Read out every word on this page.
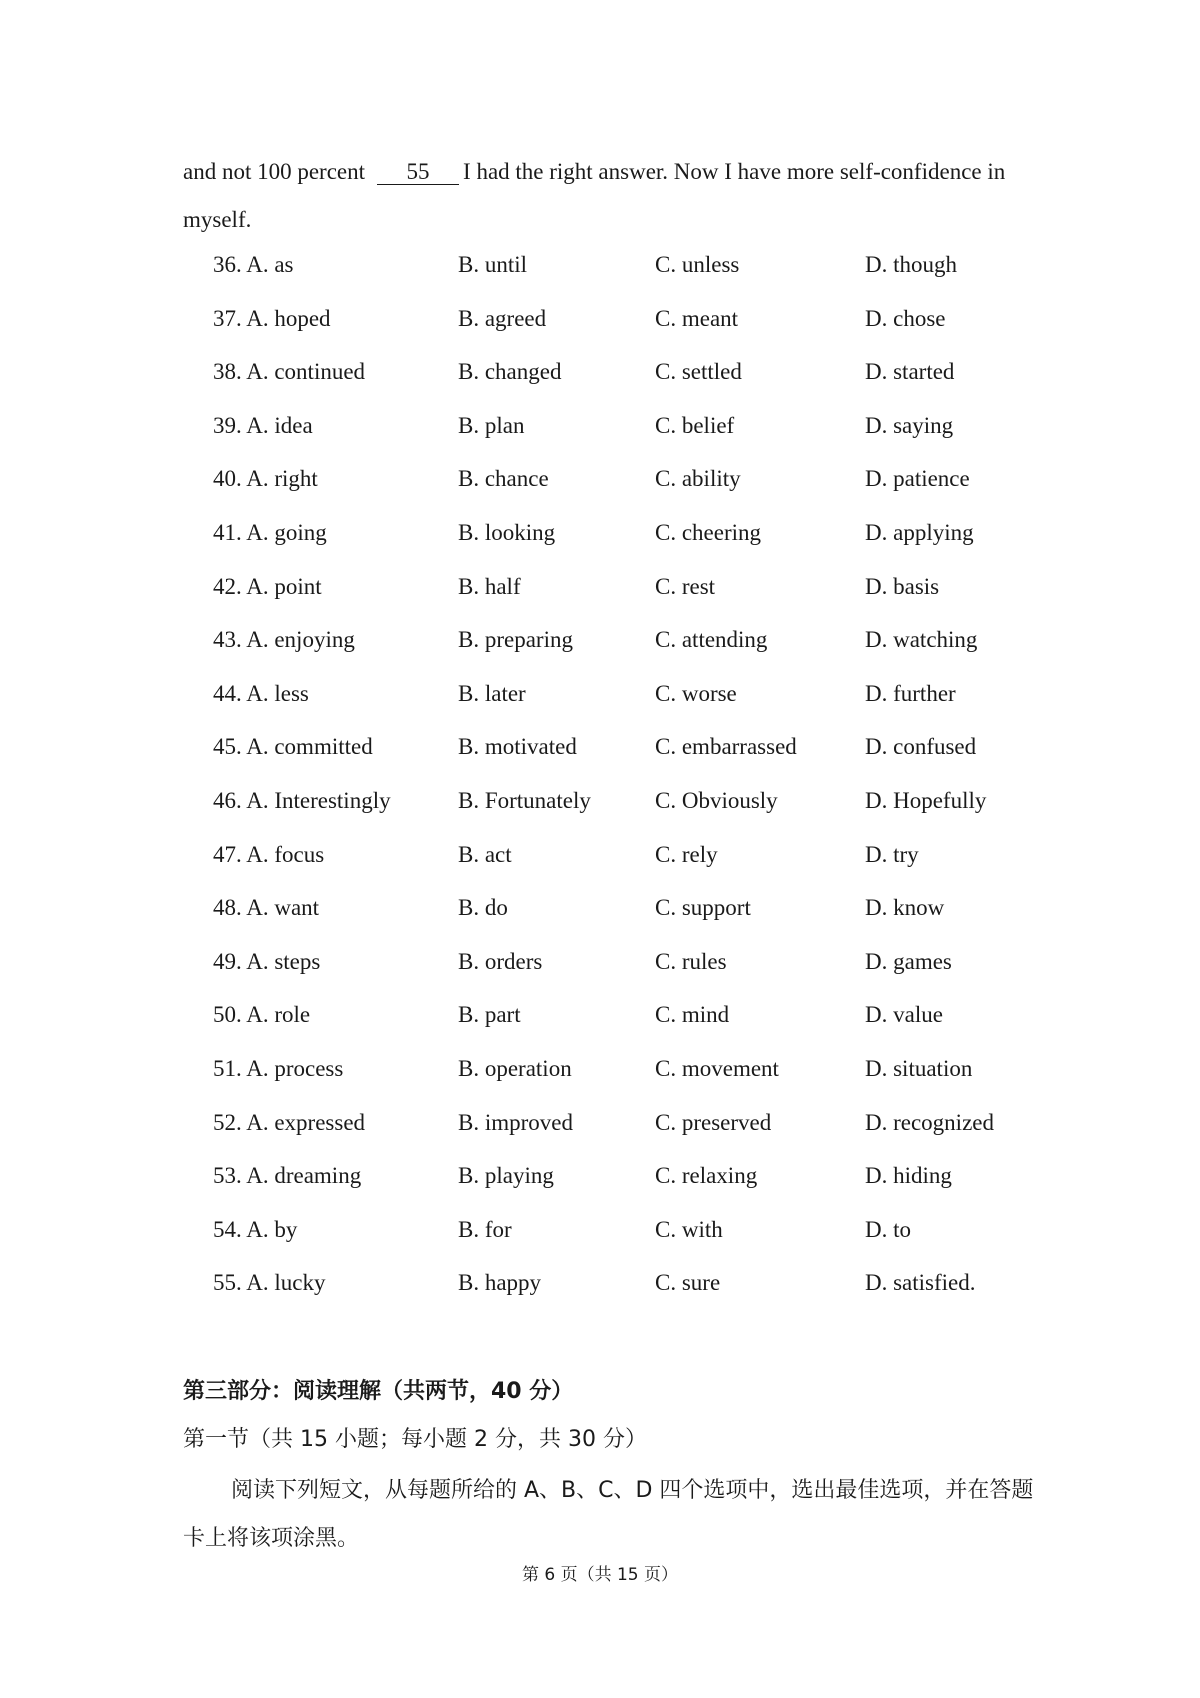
and not 100 percent 55 I had the right answer. Now I have more self-confidence in myself.
36. A. as	B. until	C. unless	D. though
37. A. hoped	B. agreed	C. meant	D. chose
38. A. continued	B. changed	C. settled	D. started
39. A. idea	B. plan	C. belief	D. saying
40. A. right	B. chance	C. ability	D. patience
41. A. going	B. looking	C. cheering	D. applying
42. A. point	B. half	C. rest	D. basis
43. A. enjoying	B. preparing	C. attending	D. watching
44. A. less	B. later	C. worse	D. further
45. A. committed	B. motivated	C. embarrassed	D. confused
46. A. Interestingly	B. Fortunately	C. Obviously	D. Hopefully
47. A. focus	B. act	C. rely	D. try
48. A. want	B. do	C. support	D. know
49. A. steps	B. orders	C. rules	D. games
50. A. role	B. part	C. mind	D. value
51. A. process	B. operation	C. movement	D. situation
52. A. expressed	B. improved	C. preserved	D. recognized
53. A. dreaming	B. playing	C. relaxing	D. hiding
54. A. by	B. for	C. with	D. to
55. A. lucky	B. happy	C. sure	D. satisfied.
第三部分：阅读理解（共两节，40 分）
第一节（共 15 小题；每小题 2 分，共 30 分）
阅读下列短文，从每题所给的 A、B、C、D 四个选项中，选出最佳选项，并在答题卡上将该项涂黑。
第 6 页（共 15 页）
